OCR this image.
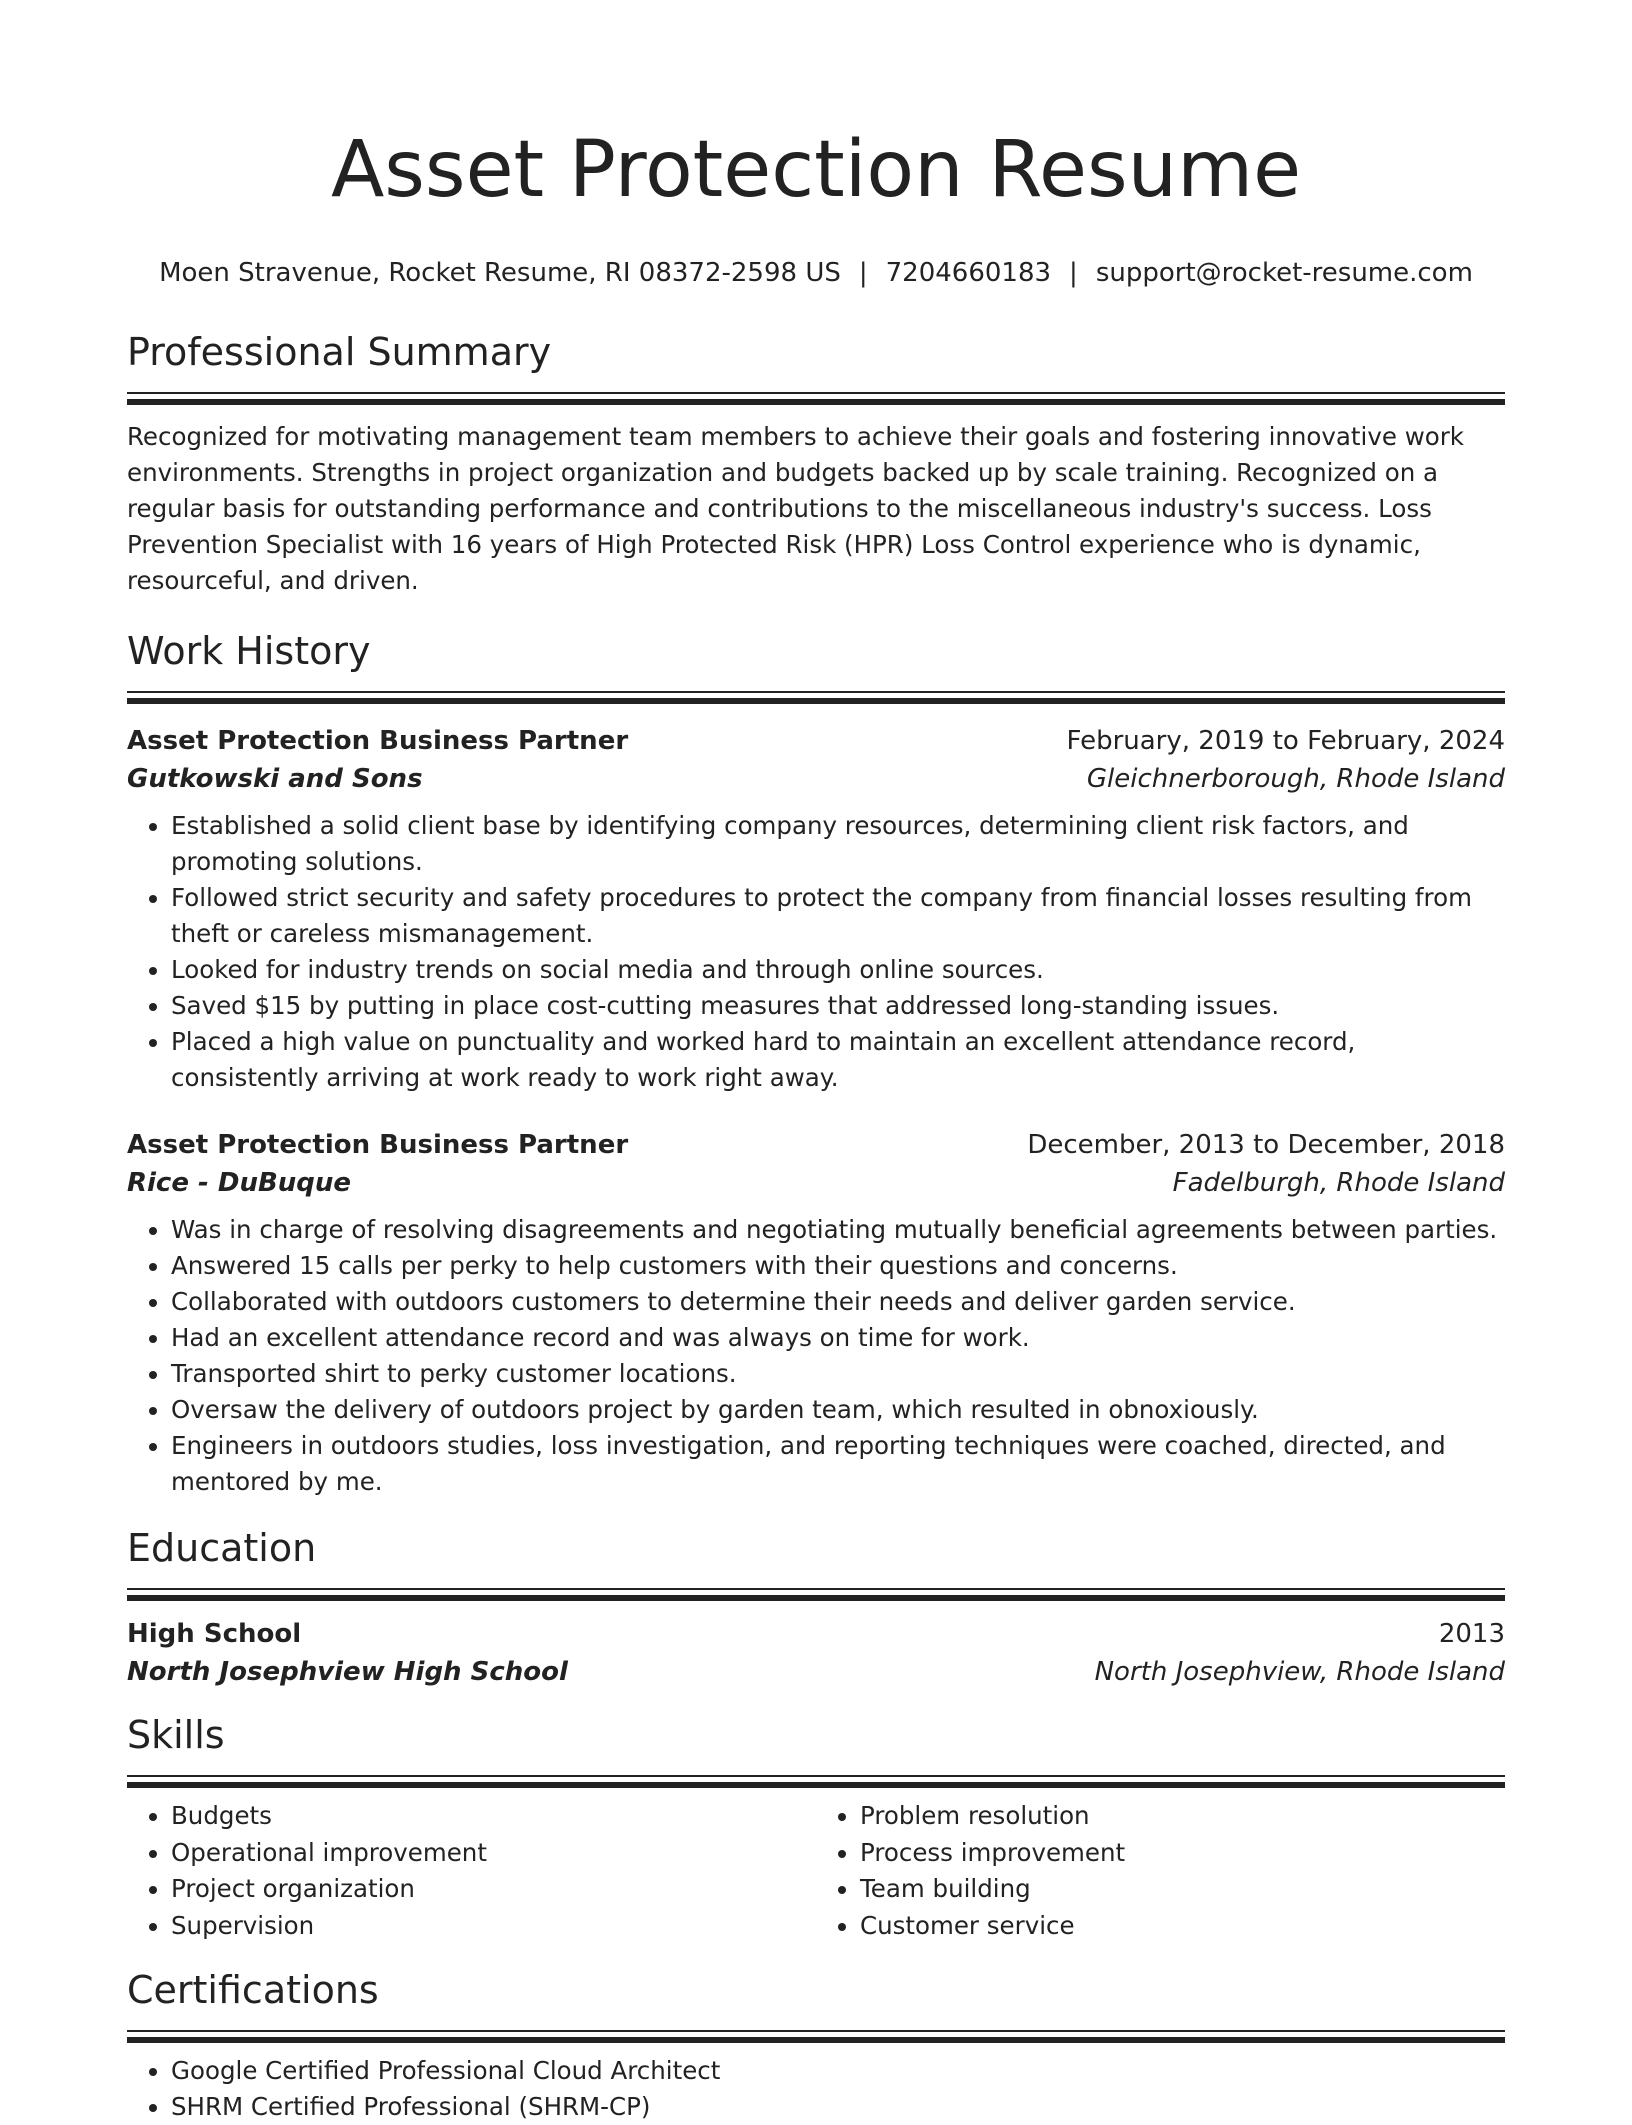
Asset Protection Resume
Moen Stravenue, Rocket Resume, RI 08372-2598 US | 7204660183 | support@rocket-resume.com
Professional Summary

Recognized for motivating management team members to achieve their goals and fostering innovative work environments. Strengths in project organization and budgets backed up by scale training. Recognized on a regular basis for outstanding performance and contributions to the miscellaneous industry's success. Loss Prevention Specialist with 16 years of High Protected Risk (HPR) Loss Control experience who is dynamic, resourceful, and driven.

Work History
Asset Protection Business Partner	February, 2019 to February, 2024
Gutkowski and Sons	Gleichnerborough, Rhode Island
• Established a solid client base by identifying company resources, determining client risk factors, and promoting solutions.
• Followed strict security and safety procedures to protect the company from financial losses resulting from theft or careless mismanagement.
• Looked for industry trends on social media and through online sources.
• Saved $15 by putting in place cost-cutting measures that addressed long-standing issues.
• Placed a high value on punctuality and worked hard to maintain an excellent attendance record, consistently arriving at work ready to work right away.
Asset Protection Business Partner	December, 2013 to December, 2018
Rice - DuBuque	Fadelburgh, Rhode Island
• Was in charge of resolving disagreements and negotiating mutually beneficial agreements between parties.
• Answered 15 calls per perky to help customers with their questions and concerns.
• Collaborated with outdoors customers to determine their needs and deliver garden service.
• Had an excellent attendance record and was always on time for work.
• Transported shirt to perky customer locations.
• Oversaw the delivery of outdoors project by garden team, which resulted in obnoxiously.
• Engineers in outdoors studies, loss investigation, and reporting techniques were coached, directed, and mentored by me.
Education
High School	2013
North Josephview High School	North Josephview, Rhode Island
Skills
• Budgets
• Operational improvement
• Project organization
• Supervision
• Problem resolution
• Process improvement
• Team building
• Customer service
Certifications
• Google Certified Professional Cloud Architect
• SHRM Certified Professional (SHRM-CP)
